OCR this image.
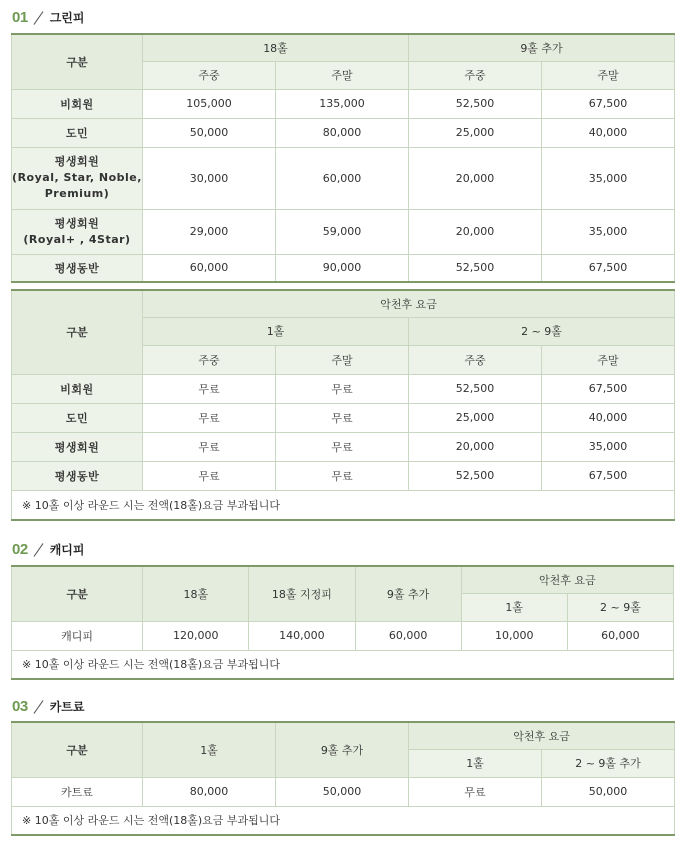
01 그린피
구분	18홀		9홀 추가	
	주중	주말	주중	주말
비회원	105,000	135,000	52,500	67,500
도민	50,000	80,000	25,000	40,000
평생회원
(Royal, Star, Noble,
Premium)	30,000	60,000	20,000	35,000
평생회원
(Royal+ , 4Star)	29,000	59,000	20,000	35,000
평생동반	60,000	90,000	52,500	67,500
구분	악천후 요금			
	1홀		2 ~ 9홀	
	주중	주말	주중	주말
비회원	무료	무료	52,500	67,500
도민	무료	무료	25,000	40,000
평생회원	무료	무료	20,000	35,000
평생동반	무료	무료	52,500	67,500
※ 10홀 이상 라운드 시는 전액(18홀)요금 부과됩니다				
02 캐디피
구분	18홀	18홀 지정피	9홀 추가	악천후 요금	
				1홀	2 ~ 9홀
캐디피	120,000	140,000	60,000	10,000	60,000
※ 10홀 이상 라운드 시는 전액(18홀)요금 부과됩니다					
03 카트료
구분	1홀	9홀 추가	악천후 요금	
			1홀	2 ~ 9홀 추가
카트료	80,000	50,000	무료	50,000
※ 10홀 이상 라운드 시는 전액(18홀)요금 부과됩니다				
